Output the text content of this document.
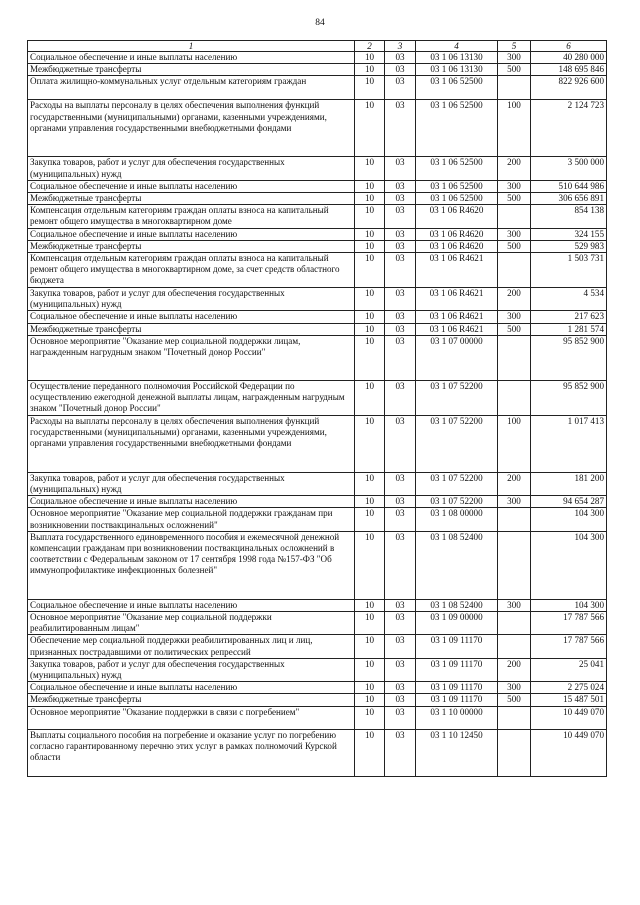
84
1	2	3	4	5	6
Социальное обеспечение и иные выплаты населению	10	03	03 1 06 13130	300	40 280 000
Межбюджетные трансферты	10	03	03 1 06 13130	500	148 695 846
Оплата жилищно-коммунальных услуг отдельным категориям граждан	10	03	03 1 06 52500		822 926 600
Расходы на выплаты персоналу в целях обеспечения выполнения функций государственными (муниципальными) органами, казенными учреждениями, органами управления государственными внебюджетными фондами	10	03	03 1 06 52500	100	2 124 723
Закупка товаров, работ и услуг для обеспечения государственных (муниципальных) нужд	10	03	03 1 06 52500	200	3 500 000
Социальное обеспечение и иные выплаты населению	10	03	03 1 06 52500	300	510 644 986
Межбюджетные трансферты	10	03	03 1 06 52500	500	306 656 891
Компенсация отдельным категориям граждан оплаты взноса на капитальный ремонт общего имущества в многоквартирном доме	10	03	03 1 06 R4620		854 138
Социальное обеспечение и иные выплаты населению	10	03	03 1 06 R4620	300	324 155
Межбюджетные трансферты	10	03	03 1 06 R4620	500	529 983
Компенсация отдельным категориям граждан оплаты взноса на капитальный ремонт общего имущества в многоквартирном доме, за счет средств областного бюджета	10	03	03 1 06 R4621		1 503 731
Закупка товаров, работ и услуг для обеспечения государственных (муниципальных) нужд	10	03	03 1 06 R4621	200	4 534
Социальное обеспечение и иные выплаты населению	10	03	03 1 06 R4621	300	217 623
Межбюджетные трансферты	10	03	03 1 06 R4621	500	1 281 574
Основное мероприятие "Оказание мер социальной поддержки лицам, награжденным нагрудным знаком "Почетный донор России"	10	03	03 1 07 00000		95 852 900
Осуществление переданного полномочия Российской Федерации по осуществлению ежегодной денежной выплаты лицам, награжденным нагрудным знаком "Почетный донор России"	10	03	03 1 07 52200		95 852 900
Расходы на выплаты персоналу в целях обеспечения выполнения функций государственными (муниципальными) органами, казенными учреждениями, органами управления государственными внебюджетными фондами	10	03	03 1 07 52200	100	1 017 413
Закупка товаров, работ и услуг для обеспечения государственных (муниципальных) нужд	10	03	03 1 07 52200	200	181 200
Социальное обеспечение и иные выплаты населению	10	03	03 1 07 52200	300	94 654 287
Основное мероприятие "Оказание мер социальной поддержки гражданам при возникновении поствакцинальных осложнений"	10	03	03 1 08 00000		104 300
Выплата государственного единовременного пособия и ежемесячной денежной компенсации гражданам при возникновении поствакцинальных осложнений в соответствии с Федеральным законом от 17 сентября 1998 года №157-ФЗ "Об иммунопрофилактике инфекционных болезней"	10	03	03 1 08 52400		104 300
Социальное обеспечение и иные выплаты населению	10	03	03 1 08 52400	300	104 300
Основное мероприятие "Оказание мер социальной поддержки реабилитированным лицам"	10	03	03 1 09 00000		17 787 566
Обеспечение мер социальной поддержки реабилитированных лиц и лиц, признанных пострадавшими от политических репрессий	10	03	03 1 09 11170		17 787 566
Закупка товаров, работ и услуг для обеспечения государственных (муниципальных) нужд	10	03	03 1 09 11170	200	25 041
Социальное обеспечение и иные выплаты населению	10	03	03 1 09 11170	300	2 275 024
Межбюджетные трансферты	10	03	03 1 09 11170	500	15 487 501
Основное мероприятие "Оказание поддержки в связи с погребением"	10	03	03 1 10 00000		10 449 070
Выплаты социального пособия на погребение и оказание услуг по погребению согласно гарантированному перечню этих услуг в рамках полномочий Курской области	10	03	03 1 10 12450		10 449 070
